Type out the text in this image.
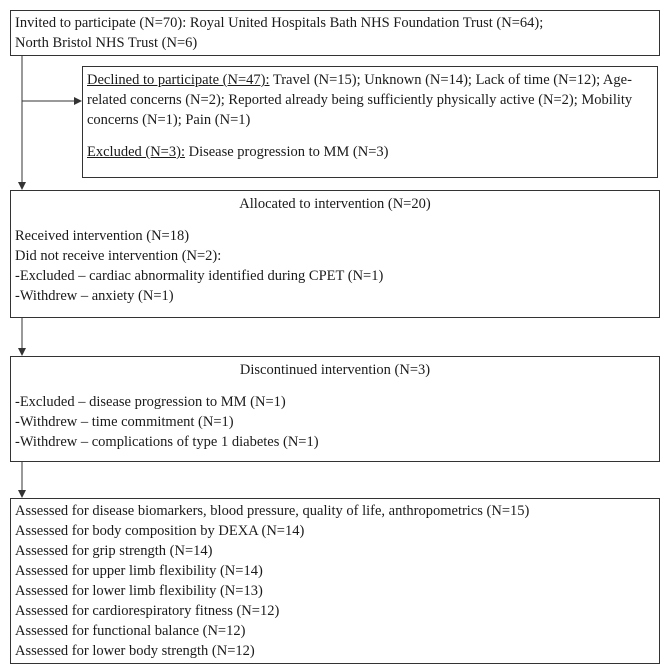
Invited to participate (N=70): Royal United Hospitals Bath NHS Foundation Trust (N=64);
North Bristol NHS Trust (N=6)
Declined to participate (N=47): Travel (N=15); Unknown (N=14); Lack of time (N=12); Age-related concerns (N=2); Reported already being sufficiently physically active (N=2); Mobility concerns (N=1); Pain (N=1)
Excluded (N=3): Disease progression to MM (N=3)
Allocated to intervention (N=20)
Received intervention (N=18)
Did not receive intervention (N=2):
-Excluded – cardiac abnormality identified during CPET (N=1)
-Withdrew – anxiety (N=1)
Discontinued intervention (N=3)
-Excluded – disease progression to MM (N=1)
-Withdrew – time commitment (N=1)
-Withdrew – complications of type 1 diabetes (N=1)
Assessed for disease biomarkers, blood pressure, quality of life, anthropometrics (N=15)
Assessed for body composition by DEXA (N=14)
Assessed for grip strength (N=14)
Assessed for upper limb flexibility (N=14)
Assessed for lower limb flexibility (N=13)
Assessed for cardiorespiratory fitness (N=12)
Assessed for functional balance (N=12)
Assessed for lower body strength (N=12)
